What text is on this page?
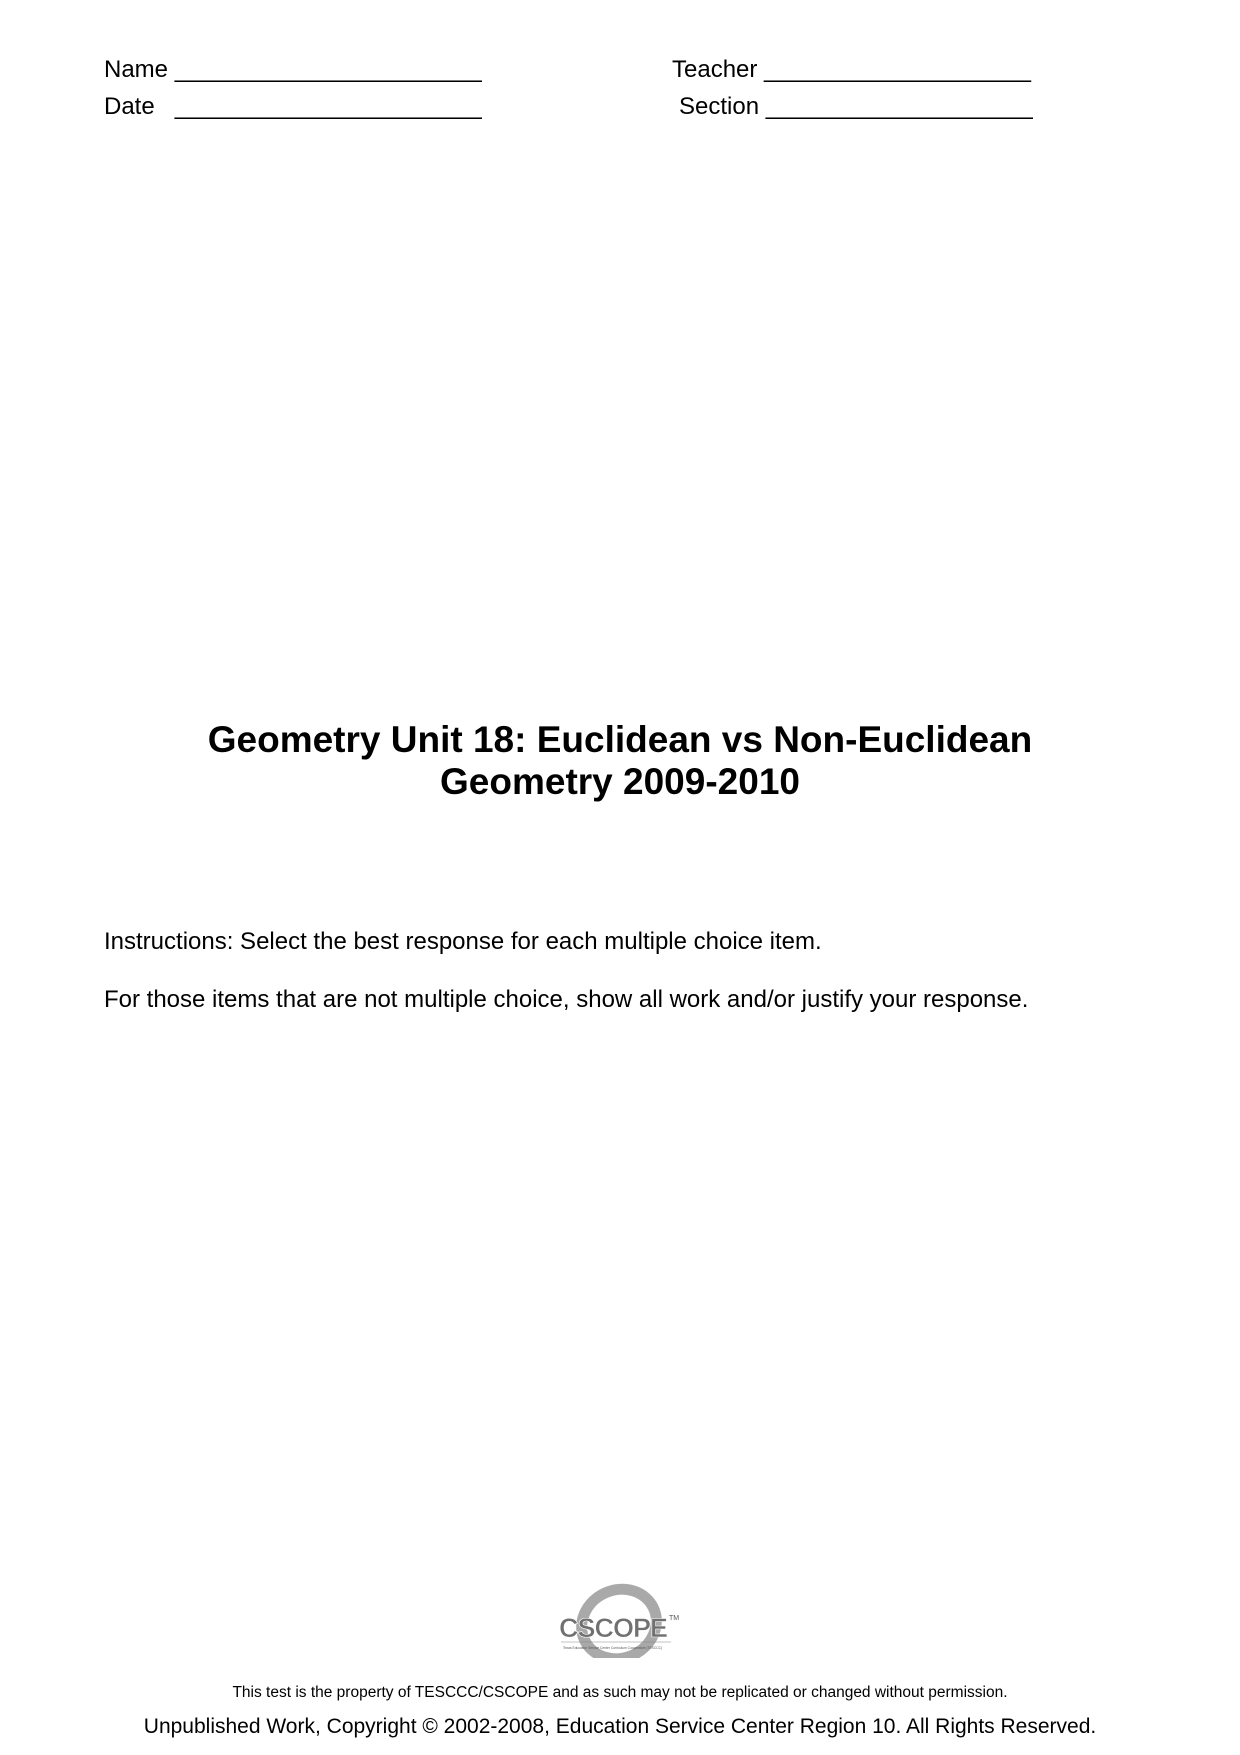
Name _______________________
Date   _______________________
Teacher ____________________
Section ____________________
Geometry Unit 18: Euclidean vs Non-Euclidean
Geometry 2009-2010
Instructions: Select the best response for each multiple choice item.
For those items that are not multiple choice, show all work and/or justify your response.
CSCOPE TM
Texas Education Service Center Curriculum Cooperative (TESCCC)
This test is the property of TESCCC/CSCOPE and as such may not be replicated or changed without permission.
Unpublished Work, Copyright © 2002-2008, Education Service Center Region 10. All Rights Reserved.
